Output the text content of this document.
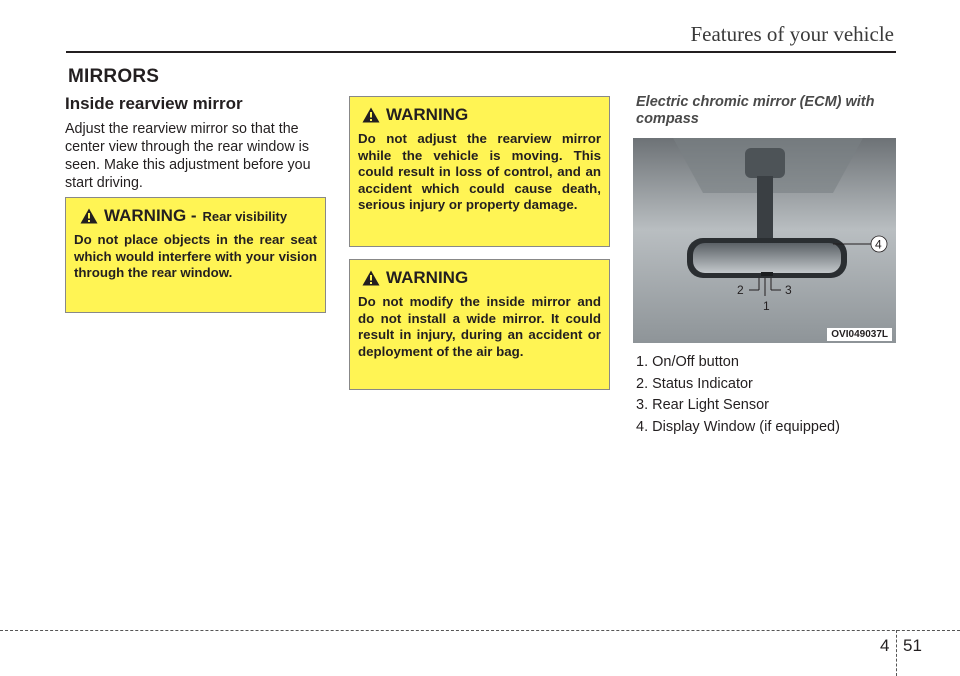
Features of your vehicle
MIRRORS
Inside rearview mirror
Adjust the rearview mirror so that the center view through the rear window is seen. Make this adjustment before you start driving.
WARNING - Rear visibility
Do not place objects in the rear seat which would interfere with your vision through the rear window.
WARNING
Do not adjust the rearview mirror while the vehicle is moving. This could result in loss of control, and an accident which could cause death, serious injury or property damage.
WARNING
Do not modify the inside mirror and do not install a wide mirror. It could result in injury, during an accident or deployment of the air bag.
Electric chromic mirror (ECM) with compass
1
2	3
4
OVI049037L
1. On/Off button
2. Status Indicator
3. Rear Light Sensor
4. Display Window (if equipped)
4 51
